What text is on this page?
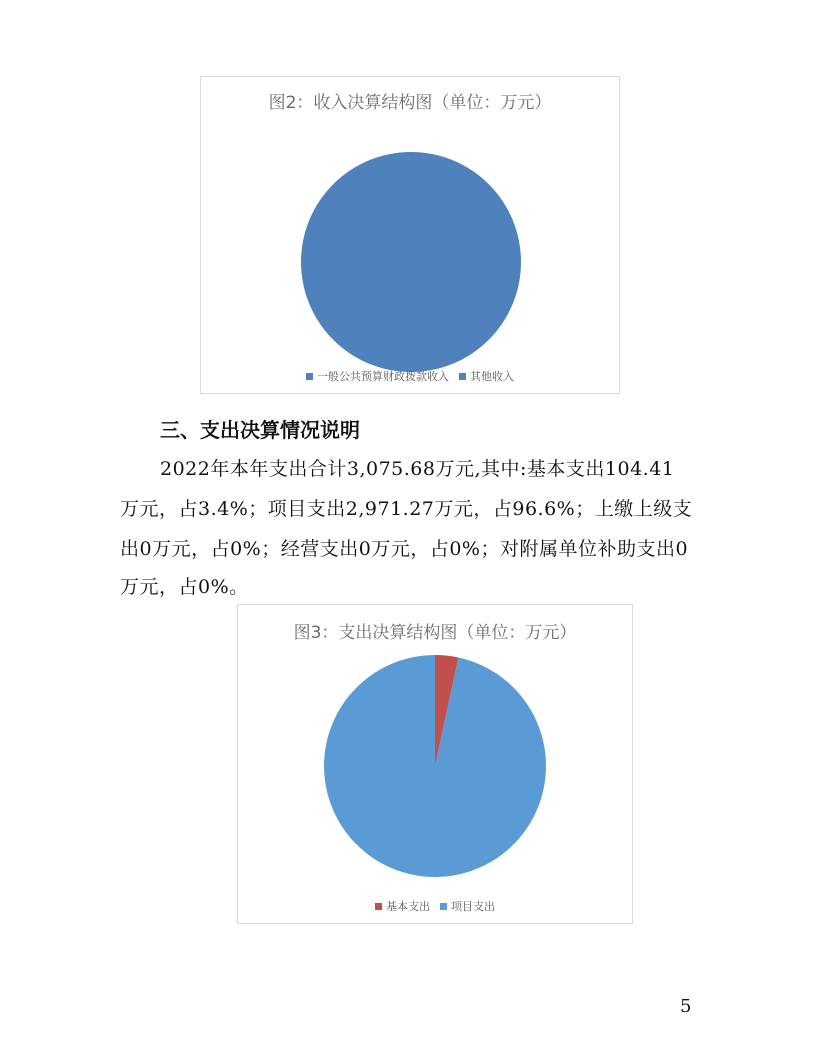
图2：收入决算结构图（单位：万元）
一般公共预算财政拨款收入 其他收入
三、支出决算情况说明
2022年本年支出合计3,075.68万元,其中:基本支出104.41
万元，占3.4%；项目支出2,971.27万元，占96.6%；上缴上级支
出0万元，占0%；经营支出0万元，占0%；对附属单位补助支出0
万元，占0%。
图3：支出决算结构图（单位：万元）
基本支出 项目支出
5
